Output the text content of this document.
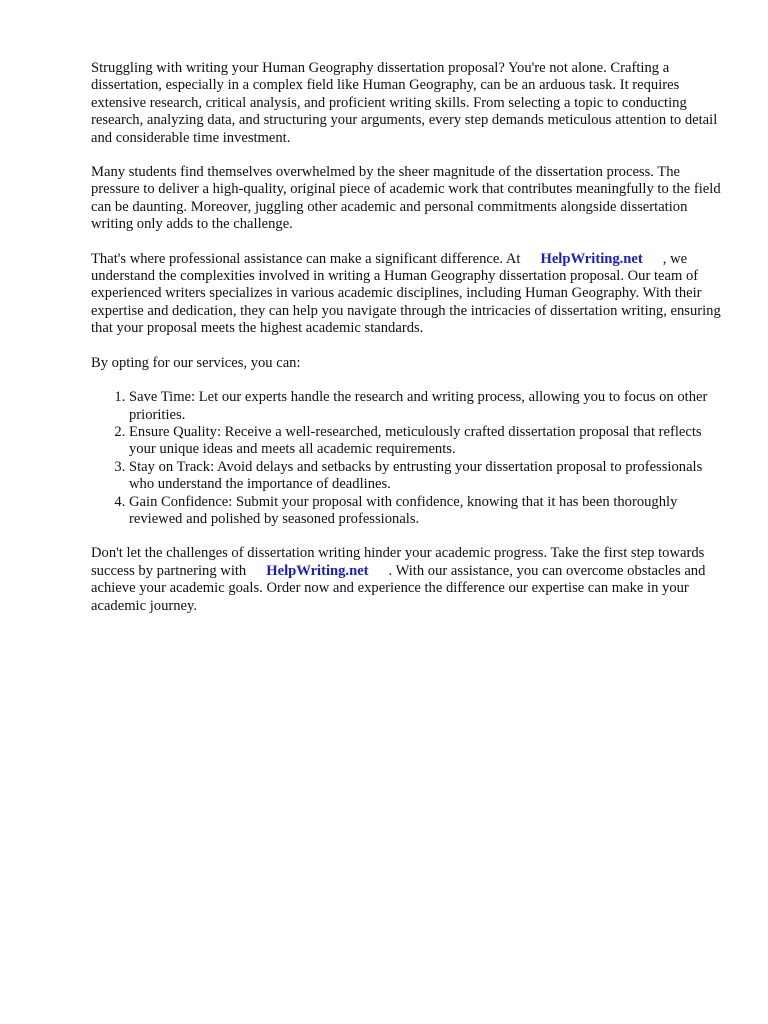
Struggling with writing your Human Geography dissertation proposal? You're not alone. Crafting a dissertation, especially in a complex field like Human Geography, can be an arduous task. It requires extensive research, critical analysis, and proficient writing skills. From selecting a topic to conducting research, analyzing data, and structuring your arguments, every step demands meticulous attention to detail and considerable time investment.

Many students find themselves overwhelmed by the sheer magnitude of the dissertation process. The pressure to deliver a high-quality, original piece of academic work that contributes meaningfully to the field can be daunting. Moreover, juggling other academic and personal commitments alongside dissertation writing only adds to the challenge.

That's where professional assistance can make a significant difference. At HelpWriting.net , we understand the complexities involved in writing a Human Geography dissertation proposal. Our team of experienced writers specializes in various academic disciplines, including Human Geography. With their expertise and dedication, they can help you navigate through the intricacies of dissertation writing, ensuring that your proposal meets the highest academic standards.

By opting for our services, you can:

1. Save Time: Let our experts handle the research and writing process, allowing you to focus on other priorities.
2. Ensure Quality: Receive a well-researched, meticulously crafted dissertation proposal that reflects your unique ideas and meets all academic requirements.
3. Stay on Track: Avoid delays and setbacks by entrusting your dissertation proposal to professionals who understand the importance of deadlines.
4. Gain Confidence: Submit your proposal with confidence, knowing that it has been thoroughly reviewed and polished by seasoned professionals.

Don't let the challenges of dissertation writing hinder your academic progress. Take the first step towards success by partnering with HelpWriting.net . With our assistance, you can overcome obstacles and achieve your academic goals. Order now and experience the difference our expertise can make in your academic journey.
